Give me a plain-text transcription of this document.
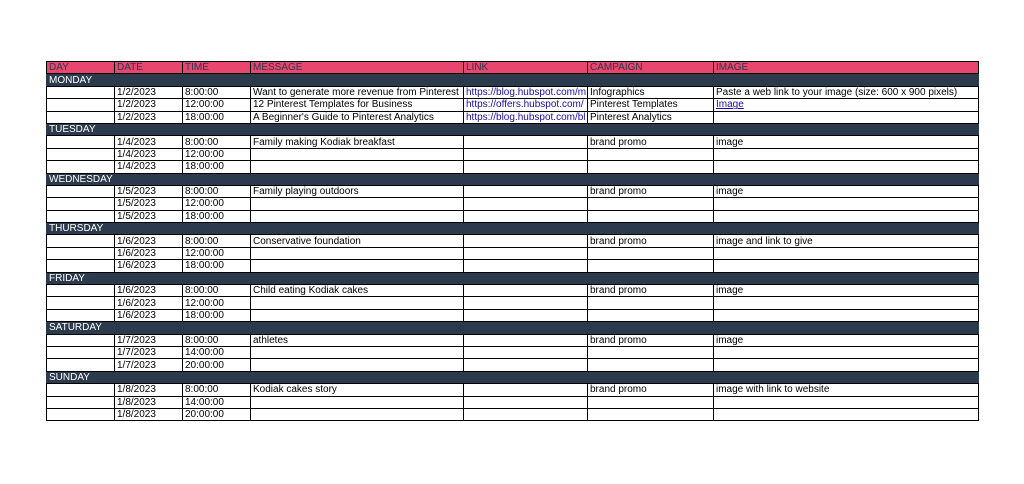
DAY	DATE	TIME	MESSAGE	LINK	CAMPAIGN	IMAGE
MONDAY						
	1/2/2023	8:00:00	Want to generate more revenue from Pinterest	https://blog.hubspot.com/m	Infographics	Paste a web link to your image (size: 600 x 900 pixels)
	1/2/2023	12:00:00	12 Pinterest Templates for Business	https://offers.hubspot.com/	Pinterest Templates	Image
	1/2/2023	18:00:00	A Beginner's Guide to Pinterest Analytics	https://blog.hubspot.com/bl	Pinterest Analytics	
TUESDAY						
	1/4/2023	8:00:00	Family making Kodiak breakfast		brand promo	image
	1/4/2023	12:00:00				
	1/4/2023	18:00:00				
WEDNESDAY						
	1/5/2023	8:00:00	Family playing outdoors		brand promo	image
	1/5/2023	12:00:00				
	1/5/2023	18:00:00				
THURSDAY						
	1/6/2023	8:00:00	Conservative foundation		brand promo	image and link to give
	1/6/2023	12:00:00				
	1/6/2023	18:00:00				
FRIDAY						
	1/6/2023	8:00:00	Child eating Kodiak cakes		brand promo	image
	1/6/2023	12:00:00				
	1/6/2023	18:00:00				
SATURDAY						
	1/7/2023	8:00:00	athletes		brand promo	image
	1/7/2023	14:00:00				
	1/7/2023	20:00:00				
SUNDAY						
	1/8/2023	8:00:00	Kodiak cakes story		brand promo	image with link to website
	1/8/2023	14:00:00				
	1/8/2023	20:00:00				
